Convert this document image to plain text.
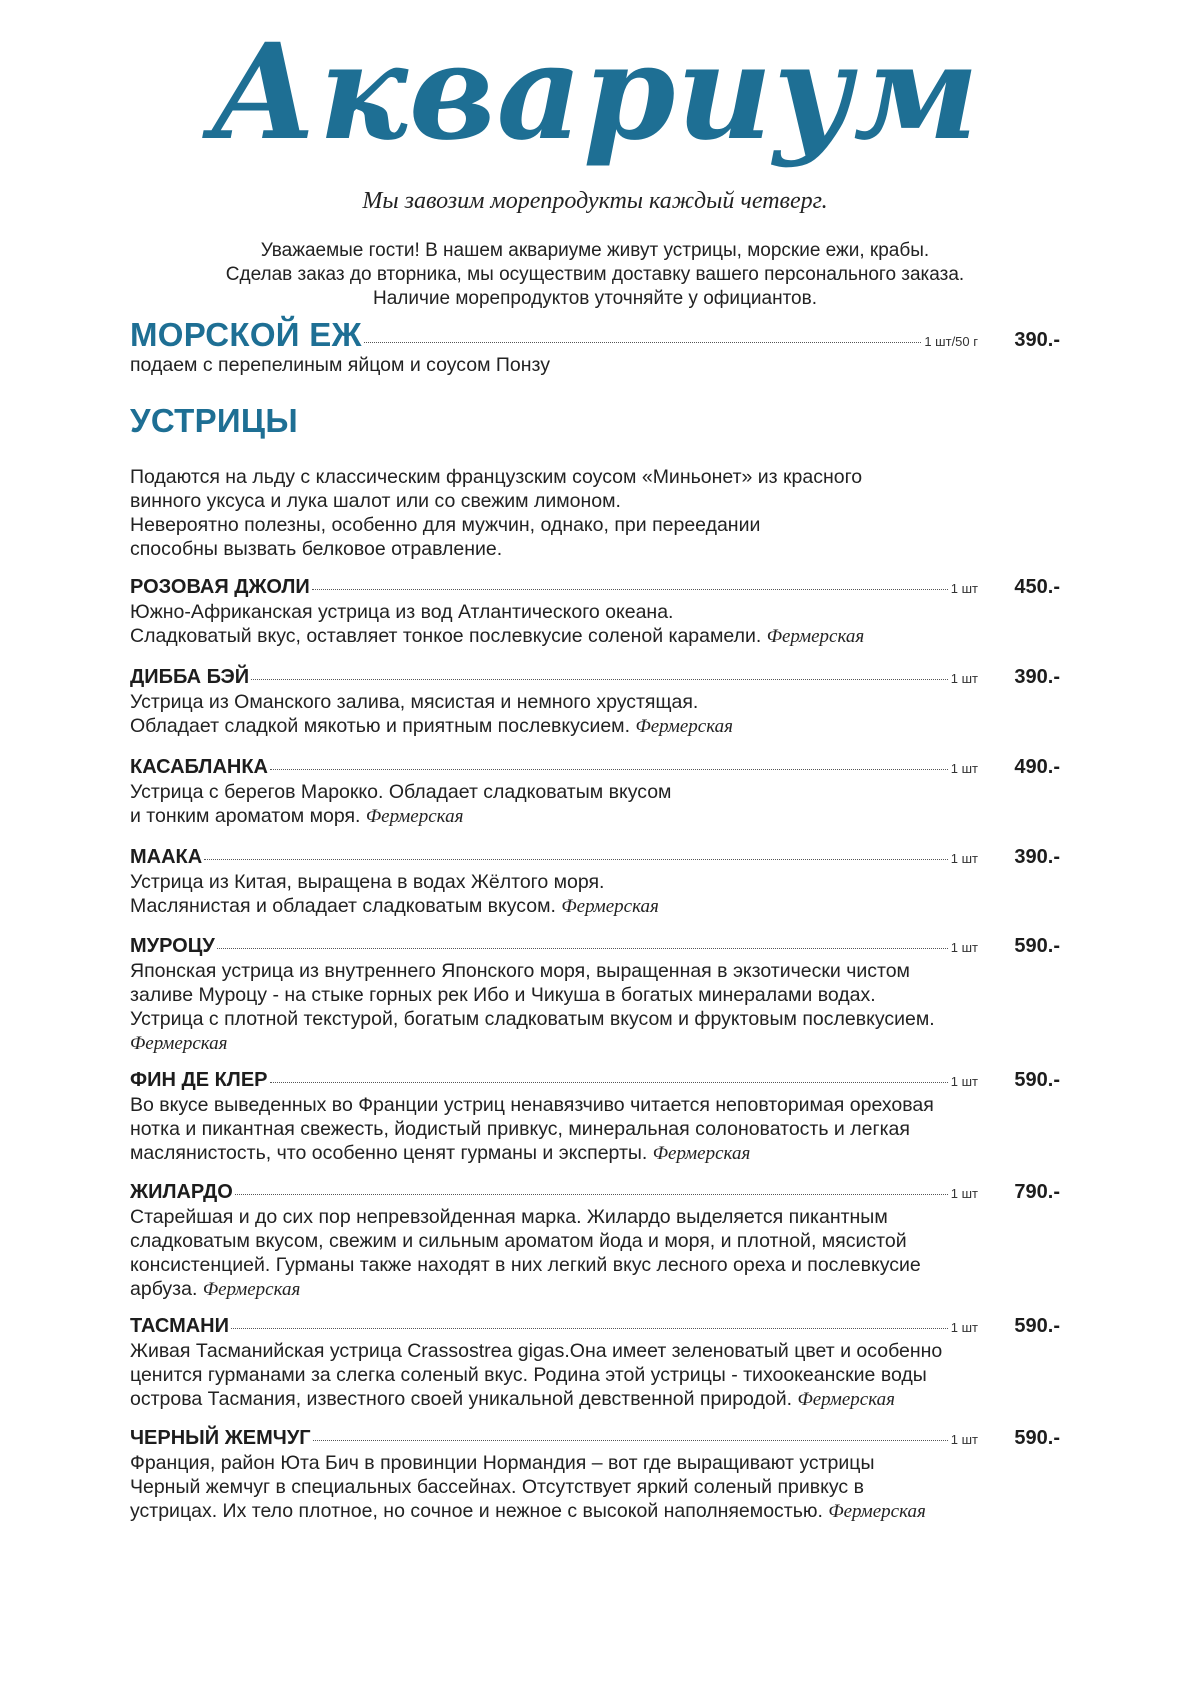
Аквариум
Мы завозим морепродукты каждый четверг.
Уважаемые гости! В нашем аквариуме живут устрицы, морские ежи, крабы.
Сделав заказ до вторника, мы осуществим доставку вашего персонального заказа.
Наличие морепродуктов уточняйте у официантов.
МОРСКОЙ ЕЖ	1 шт/50 г	390.-
подаем с перепелиным яйцом и соусом Понзу
УСТРИЦЫ
Подаются на льду с классическим французским соусом «Миньонет» из красного
винного уксуса и лука шалот или со свежим лимоном.
Невероятно полезны, особенно для мужчин, однако, при переедании
способны вызвать белковое отравление.
РОЗОВАЯ ДЖОЛИ	1 шт	450.-
Южно-Африканская устрица из вод Атлантического океана.
Сладковатый вкус, оставляет тонкое послевкусие соленой карамели. Фермерская
ДИББА БЭЙ	1 шт	390.-
Устрица из Оманского залива, мясистая и немного хрустящая.
Обладает сладкой мякотью и приятным послевкусием. Фермерская
КАСАБЛАНКА	1 шт	490.-
Устрица с берегов Марокко. Обладает сладковатым вкусом
и тонким ароматом моря. Фермерская
МААКА	1 шт	390.-
Устрица из Китая, выращена в водах Жёлтого моря.
Маслянистая и обладает сладковатым вкусом. Фермерская
МУРОЦУ	1 шт	590.-
Японская устрица из внутреннего Японского моря, выращенная в экзотически чистом
заливе Муроцу - на стыке горных рек Ибо и Чикуша в богатых минералами водах.
Устрица с плотной текстурой, богатым сладковатым вкусом и фруктовым послевкусием.
Фермерская
ФИН ДЕ КЛЕР	1 шт	590.-
Во вкусе выведенных во Франции устриц ненавязчиво читается неповторимая ореховая
нотка и пикантная свежесть, йодистый привкус, минеральная солоноватость и легкая
маслянистость, что особенно ценят гурманы и эксперты. Фермерская
ЖИЛАРДО	1 шт	790.-
Старейшая и до сих пор непревзойденная марка. Жилардо выделяется пикантным
сладковатым вкусом, свежим и сильным ароматом йода и моря, и плотной, мясистой
консистенцией. Гурманы также находят в них легкий вкус лесного ореха и послевкусие
арбуза. Фермерская
ТАСМАНИ	1 шт	590.-
Живая Тасманийская устрица Crassostrea gigas.Она имеет зеленоватый цвет и особенно
ценится гурманами за слегка соленый вкус. Родина этой устрицы - тихоокеанские воды
острова Тасмания, известного своей уникальной девственной природой. Фермерская
ЧЕРНЫЙ ЖЕМЧУГ	1 шт	590.-
Франция, район Юта Бич в провинции Нормандия – вот где выращивают устрицы
Черный жемчуг в специальных бассейнах. Отсутствует яркий соленый привкус в
устрицах. Их тело плотное, но сочное и нежное с высокой наполняемостью. Фермерская
